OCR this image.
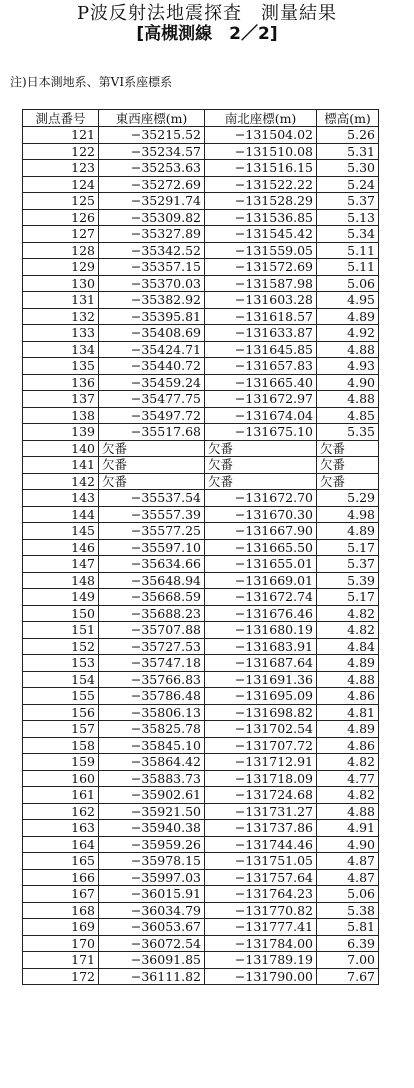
P波反射法地震探査　測量結果
[高槻測線　2／2]
注)日本測地系、第VI系座標系
測点番号	東西座標(m)	南北座標(m)	標高(m)
121	−35215.52	−131504.02	5.26
122	−35234.57	−131510.08	5.31
123	−35253.63	−131516.15	5.30
124	−35272.69	−131522.22	5.24
125	−35291.74	−131528.29	5.37
126	−35309.82	−131536.85	5.13
127	−35327.89	−131545.42	5.34
128	−35342.52	−131559.05	5.11
129	−35357.15	−131572.69	5.11
130	−35370.03	−131587.98	5.06
131	−35382.92	−131603.28	4.95
132	−35395.81	−131618.57	4.89
133	−35408.69	−131633.87	4.92
134	−35424.71	−131645.85	4.88
135	−35440.72	−131657.83	4.93
136	−35459.24	−131665.40	4.90
137	−35477.75	−131672.97	4.88
138	−35497.72	−131674.04	4.85
139	−35517.68	−131675.10	5.35
140	欠番	欠番	欠番
141	欠番	欠番	欠番
142	欠番	欠番	欠番
143	−35537.54	−131672.70	5.29
144	−35557.39	−131670.30	4.98
145	−35577.25	−131667.90	4.89
146	−35597.10	−131665.50	5.17
147	−35634.66	−131655.01	5.37
148	−35648.94	−131669.01	5.39
149	−35668.59	−131672.74	5.17
150	−35688.23	−131676.46	4.82
151	−35707.88	−131680.19	4.82
152	−35727.53	−131683.91	4.84
153	−35747.18	−131687.64	4.89
154	−35766.83	−131691.36	4.88
155	−35786.48	−131695.09	4.86
156	−35806.13	−131698.82	4.81
157	−35825.78	−131702.54	4.89
158	−35845.10	−131707.72	4.86
159	−35864.42	−131712.91	4.82
160	−35883.73	−131718.09	4.77
161	−35902.61	−131724.68	4.82
162	−35921.50	−131731.27	4.88
163	−35940.38	−131737.86	4.91
164	−35959.26	−131744.46	4.90
165	−35978.15	−131751.05	4.87
166	−35997.03	−131757.64	4.87
167	−36015.91	−131764.23	5.06
168	−36034.79	−131770.82	5.38
169	−36053.67	−131777.41	5.81
170	−36072.54	−131784.00	6.39
171	−36091.85	−131789.19	7.00
172	−36111.82	−131790.00	7.67
